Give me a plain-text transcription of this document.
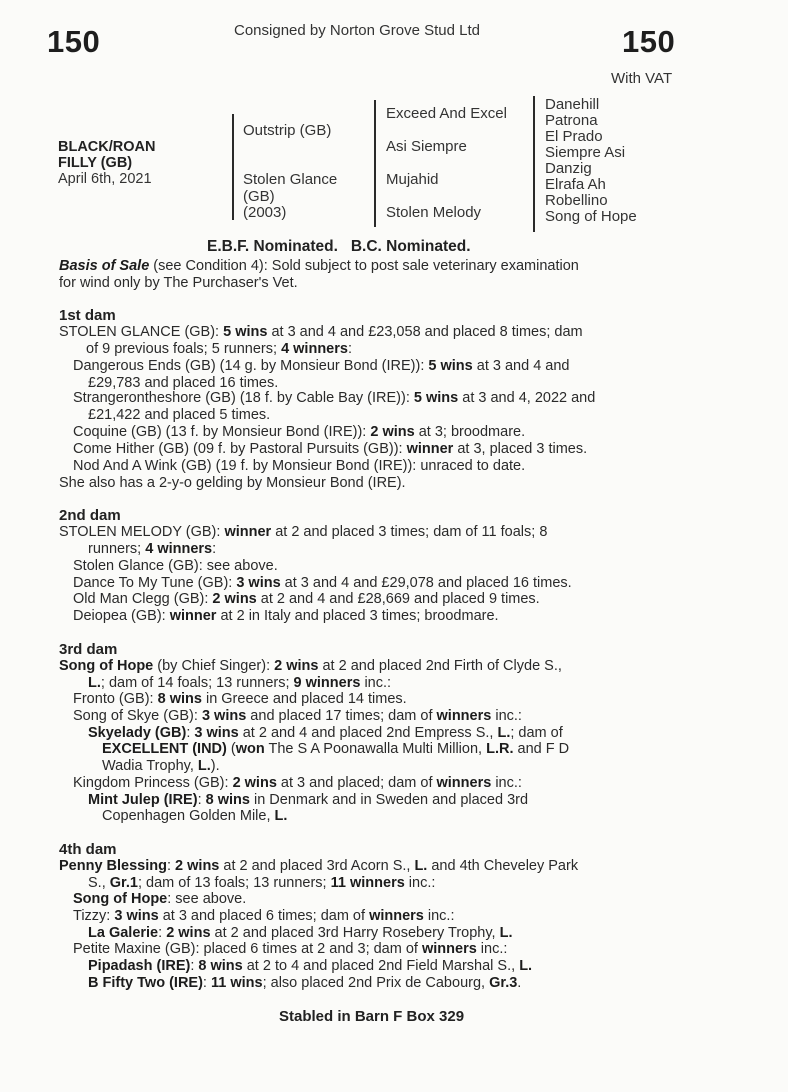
150	Consigned by Norton Grove Stud Ltd	150
With VAT
BLACK/ROAN
FILLY (GB)
April 6th, 2021
Outstrip (GB)
Stolen Glance
(GB)
(2003)
Exceed And Excel
Asi Siempre
Mujahid
Stolen Melody
Danehill
Patrona
El Prado
Siempre Asi
Danzig
Elrafa Ah
Robellino
Song of Hope
E.B.F. Nominated.   B.C. Nominated.
Basis of Sale (see Condition 4): Sold subject to post sale veterinary examination
for wind only by The Purchaser's Vet.
1st dam
STOLEN GLANCE (GB): 5 wins at 3 and 4 and £23,058 and placed 8 times; dam
of 9 previous foals; 5 runners; 4 winners:
Dangerous Ends (GB) (14 g. by Monsieur Bond (IRE)): 5 wins at 3 and 4 and
£29,783 and placed 16 times.
Strangerontheshore (GB) (18 f. by Cable Bay (IRE)): 5 wins at 3 and 4, 2022 and
£21,422 and placed 5 times.
Coquine (GB) (13 f. by Monsieur Bond (IRE)): 2 wins at 3; broodmare.
Come Hither (GB) (09 f. by Pastoral Pursuits (GB)): winner at 3, placed 3 times.
Nod And A Wink (GB) (19 f. by Monsieur Bond (IRE)): unraced to date.
She also has a 2-y-o gelding by Monsieur Bond (IRE).
2nd dam
STOLEN MELODY (GB): winner at 2 and placed 3 times; dam of 11 foals; 8
runners; 4 winners:
Stolen Glance (GB): see above.
Dance To My Tune (GB): 3 wins at 3 and 4 and £29,078 and placed 16 times.
Old Man Clegg (GB): 2 wins at 2 and 4 and £28,669 and placed 9 times.
Deiopea (GB): winner at 2 in Italy and placed 3 times; broodmare.
3rd dam
Song of Hope (by Chief Singer): 2 wins at 2 and placed 2nd Firth of Clyde S.,
L.; dam of 14 foals; 13 runners; 9 winners inc.:
Fronto (GB): 8 wins in Greece and placed 14 times.
Song of Skye (GB): 3 wins and placed 17 times; dam of winners inc.:
Skyelady (GB): 3 wins at 2 and 4 and placed 2nd Empress S., L.; dam of
EXCELLENT (IND) (won The S A Poonawalla Multi Million, L.R. and F D
Wadia Trophy, L.).
Kingdom Princess (GB): 2 wins at 3 and placed; dam of winners inc.:
Mint Julep (IRE): 8 wins in Denmark and in Sweden and placed 3rd
Copenhagen Golden Mile, L.
4th dam
Penny Blessing: 2 wins at 2 and placed 3rd Acorn S., L. and 4th Cheveley Park
S., Gr.1; dam of 13 foals; 13 runners; 11 winners inc.:
Song of Hope: see above.
Tizzy: 3 wins at 3 and placed 6 times; dam of winners inc.:
La Galerie: 2 wins at 2 and placed 3rd Harry Rosebery Trophy, L.
Petite Maxine (GB): placed 6 times at 2 and 3; dam of winners inc.:
Pipadash (IRE): 8 wins at 2 to 4 and placed 2nd Field Marshal S., L.
B Fifty Two (IRE): 11 wins; also placed 2nd Prix de Cabourg, Gr.3.
Stabled in Barn F Box 329
